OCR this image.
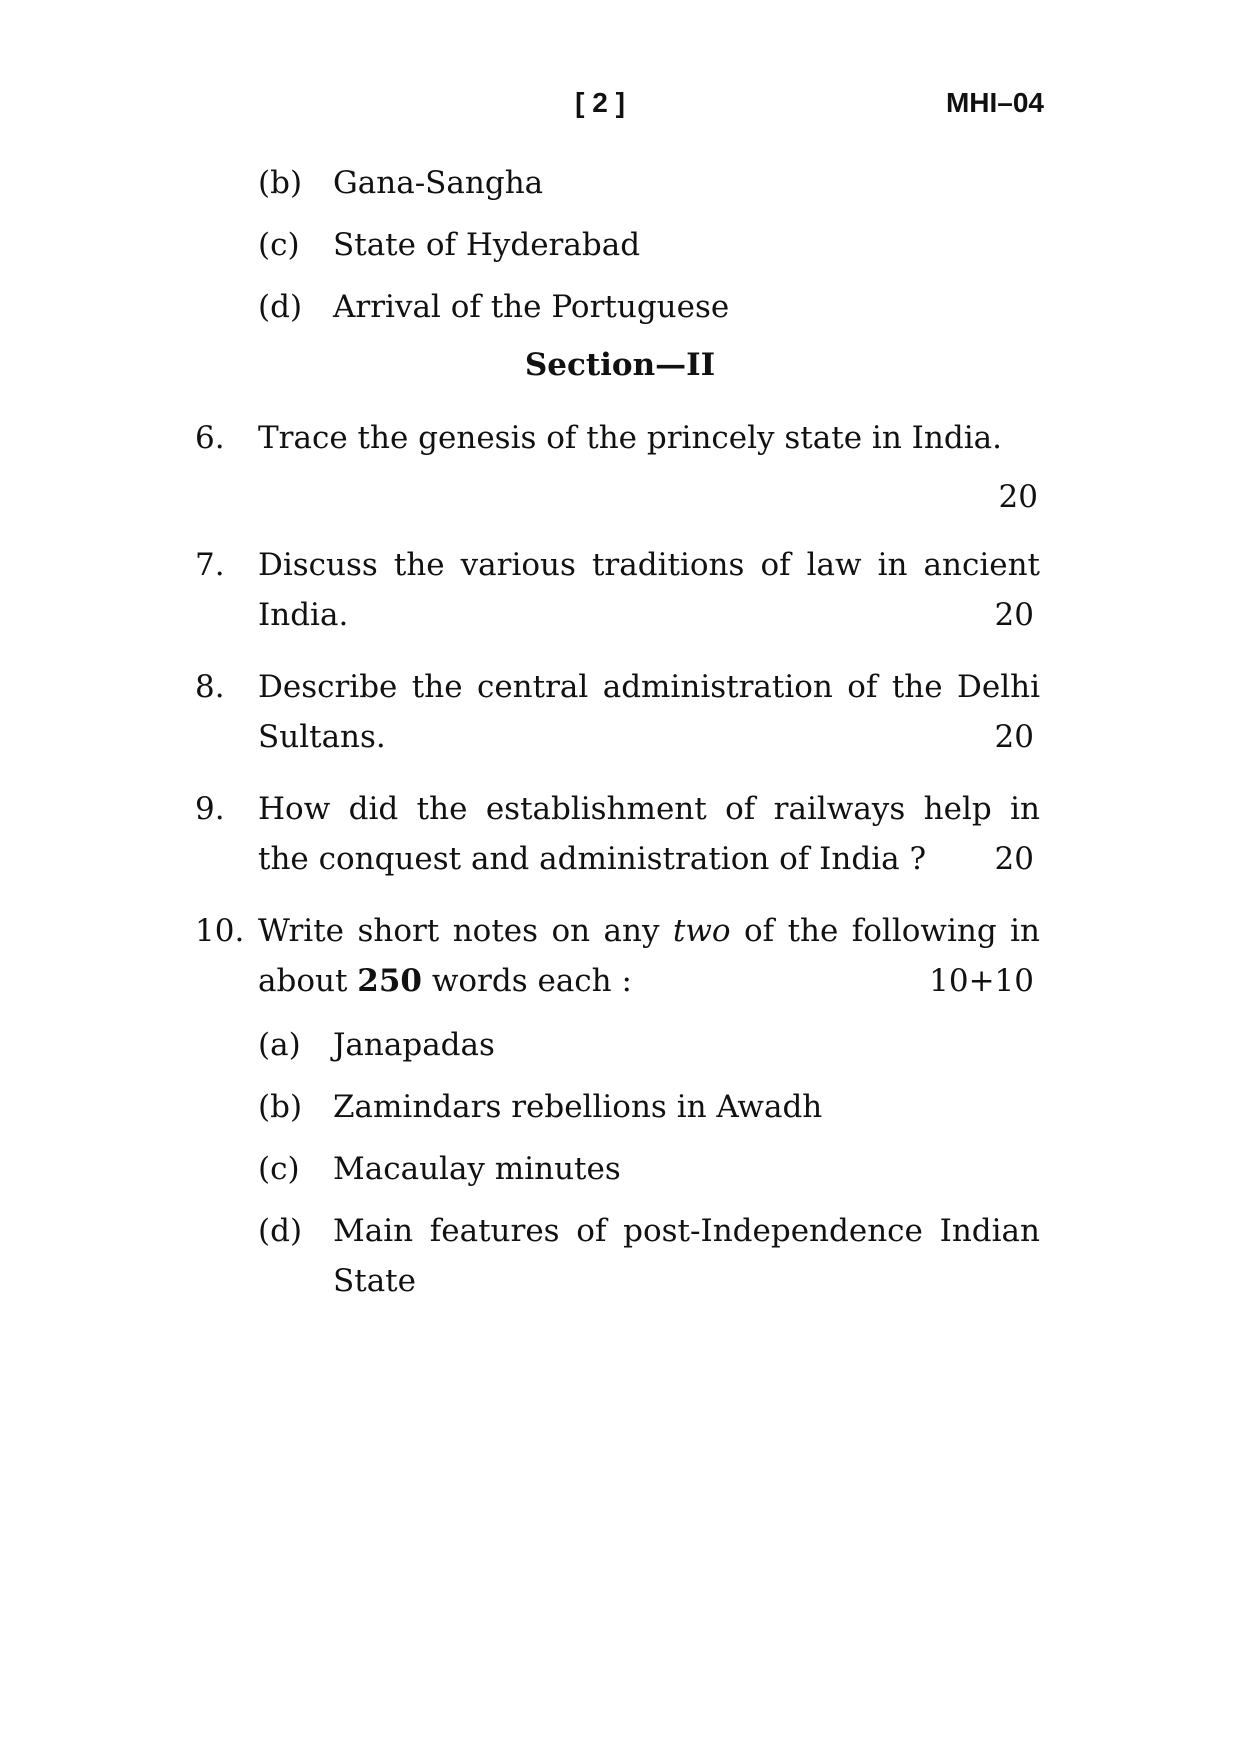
[ 2 ]	MHI–04
(b) Gana-Sangha
(c) State of Hyderabad
(d) Arrival of the Portuguese
Section—II
6. Trace the genesis of the princely state in India.
20
7. Discuss the various traditions of law in ancient
India.	20
8. Describe the central administration of the Delhi
Sultans.	20
9. How did the establishment of railways help in
the conquest and administration of India ? 20
10. Write short notes on any two of the following in
about 250 words each :	10+10
(a) Janapadas
(b) Zamindars rebellions in Awadh
(c) Macaulay minutes
(d) Main features of post-Independence Indian
State
